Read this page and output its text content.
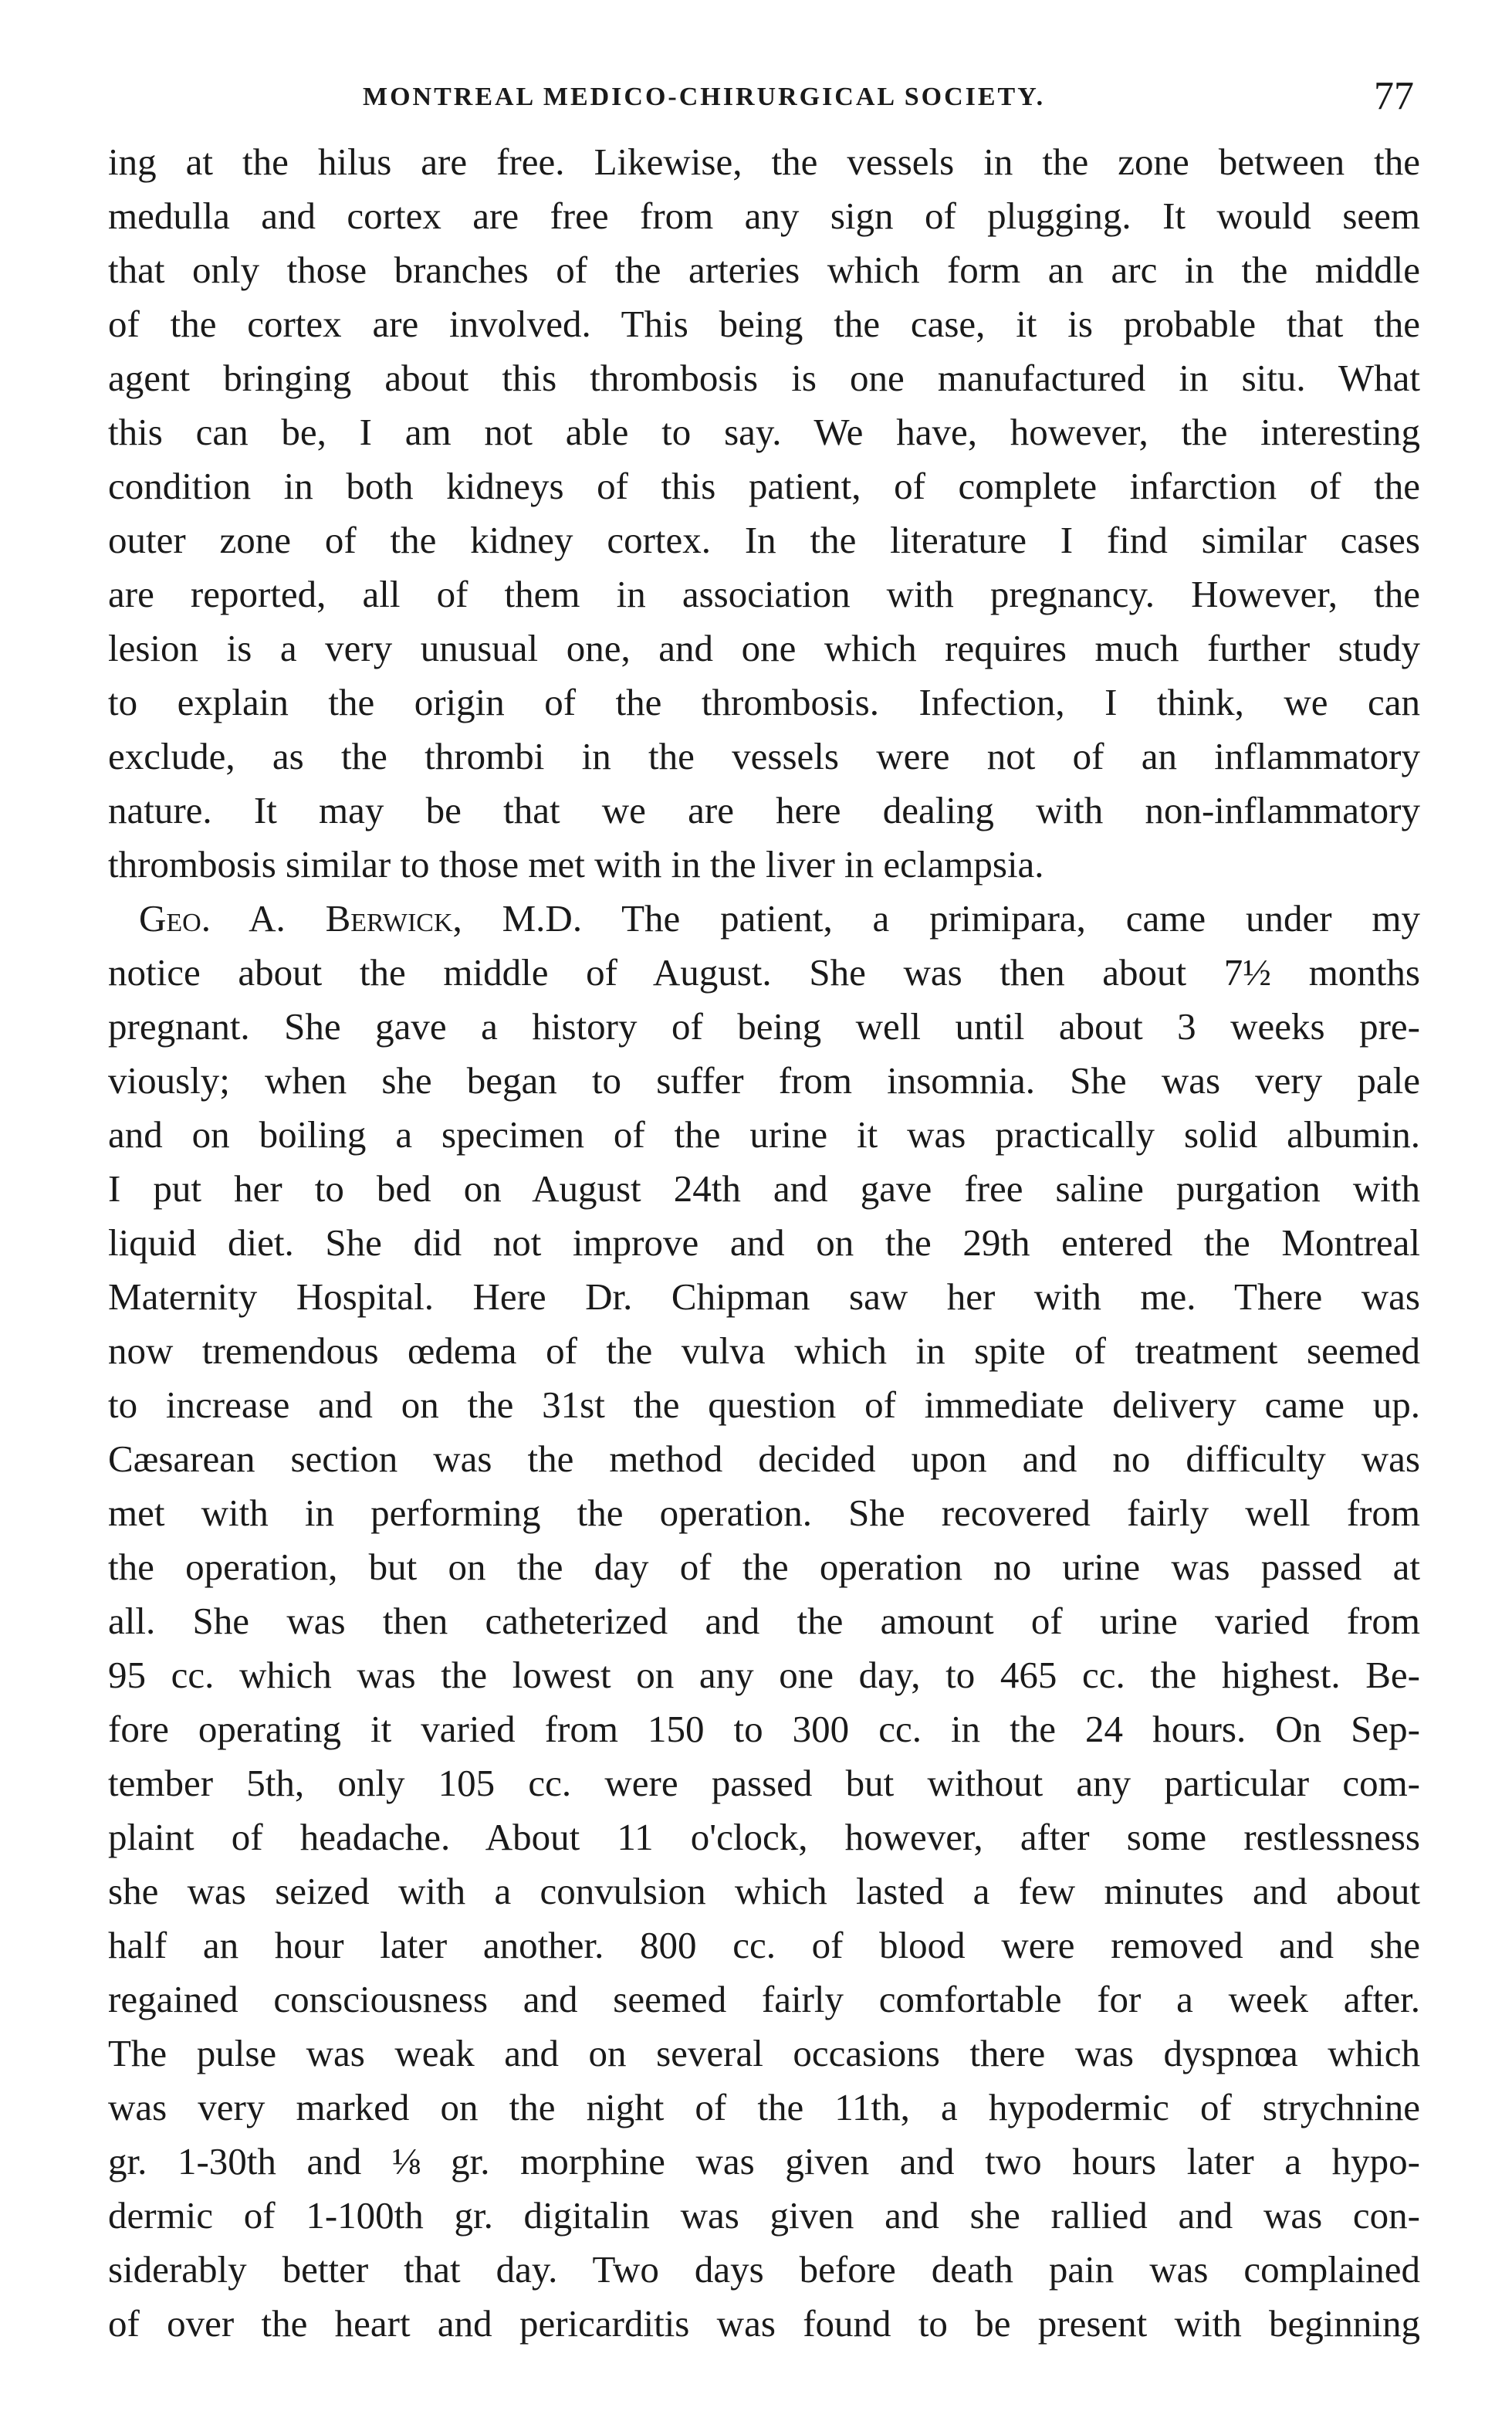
MONTREAL MEDICO-CHIRURGICAL SOCIETY.	77
ing at the hilus are free. Likewise, the vessels in the zone between the
medulla and cortex are free from any sign of plugging. It would seem
that only those branches of the arteries which form an arc in the middle
of the cortex are involved. This being the case, it is probable that the
agent bringing about this thrombosis is one manufactured in situ. What
this can be, I am not able to say. We have, however, the interesting
condition in both kidneys of this patient, of complete infarction of the
outer zone of the kidney cortex. In the literature I find similar cases
are reported, all of them in association with pregnancy. However, the
lesion is a very unusual one, and one which requires much further study
to explain the origin of the thrombosis. Infection, I think, we can
exclude, as the thrombi in the vessels were not of an inflammatory
nature. It may be that we are here dealing with non-inflammatory
thrombosis similar to those met with in the liver in eclampsia.
Geo. A. Berwick, M.D. The patient, a primipara, came under my
notice about the middle of August. She was then about 7½ months
pregnant. She gave a history of being well until about 3 weeks pre-
viously; when she began to suffer from insomnia. She was very pale
and on boiling a specimen of the urine it was practically solid albumin.
I put her to bed on August 24th and gave free saline purgation with
liquid diet. She did not improve and on the 29th entered the Montreal
Maternity Hospital. Here Dr. Chipman saw her with me. There was
now tremendous œdema of the vulva which in spite of treatment seemed
to increase and on the 31st the question of immediate delivery came up.
Cæsarean section was the method decided upon and no difficulty was
met with in performing the operation. She recovered fairly well from
the operation, but on the day of the operation no urine was passed at
all. She was then catheterized and the amount of urine varied from
95 cc. which was the lowest on any one day, to 465 cc. the highest. Be-
fore operating it varied from 150 to 300 cc. in the 24 hours. On Sep-
tember 5th, only 105 cc. were passed but without any particular com-
plaint of headache. About 11 o'clock, however, after some restlessness
she was seized with a convulsion which lasted a few minutes and about
half an hour later another. 800 cc. of blood were removed and she
regained consciousness and seemed fairly comfortable for a week after.
The pulse was weak and on several occasions there was dyspnœa which
was very marked on the night of the 11th, a hypodermic of strychnine
gr. 1-30th and ⅛ gr. morphine was given and two hours later a hypo-
dermic of 1-100th gr. digitalin was given and she rallied and was con-
siderably better that day. Two days before death pain was complained
of over the heart and pericarditis was found to be present with beginning
